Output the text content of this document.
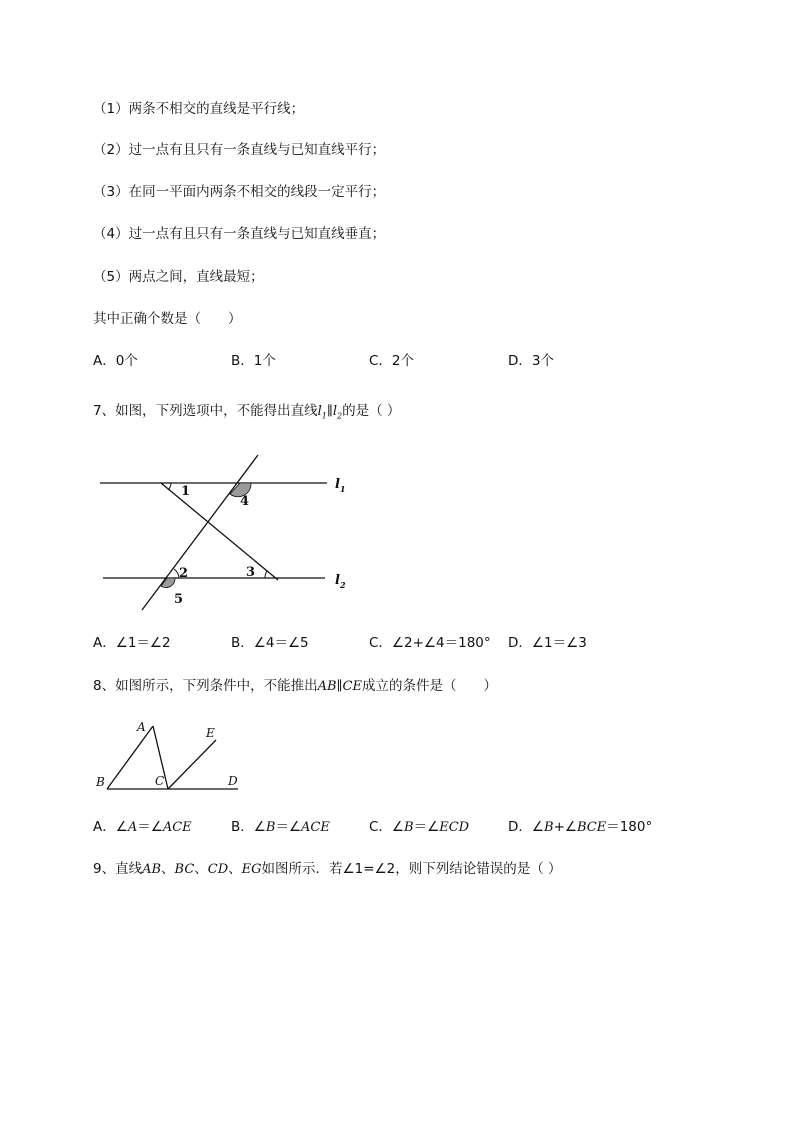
（1）两条不相交的直线是平行线；
（2）过一点有且只有一条直线与已知直线平行；
（3）在同一平面内两条不相交的线段一定平行；
（4）过一点有且只有一条直线与已知直线垂直；
（5）两点之间，直线最短；
其中正确个数是（　　）
A．0个	B．1个	C．2个	D．3个
7、如图，下列选项中，不能得出直线$l_1\parallel l_2$的是（ ）
1
4
2	3
5
l 1
l 2
A．∠1＝∠2	B．∠4＝∠5	C．∠2+∠4＝180° D．∠1＝∠3
8、如图所示，下列条件中，不能推出AB∥CE成立的条件是（　　）
A
B	C	D
E
A．∠A＝∠ACE	B．∠B＝∠ACE	C．∠B＝∠ECD	D．∠B+∠BCE＝180°
9、直线AB、BC、CD、EG如图所示．若∠1=∠2，则下列结论错误的是（ ）
